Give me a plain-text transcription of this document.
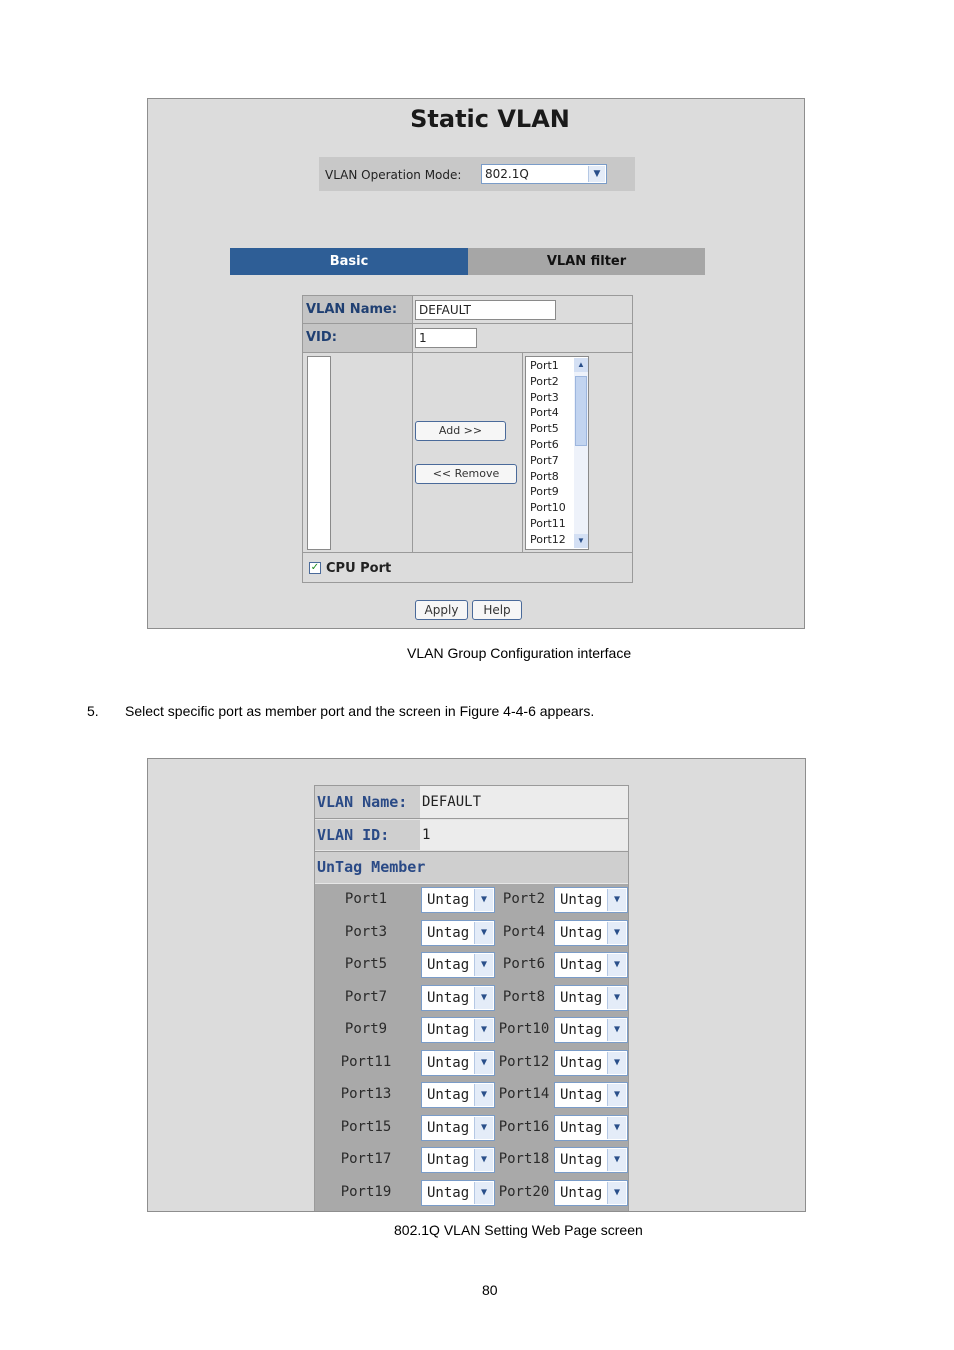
Static VLAN
VLAN Operation Mode: 802.1Q	▼
Basic	VLAN filter
VLAN Name:
DEFAULT
VID:
1
Add >>
<< Remove
Port1
Port2
Port3
Port4
Port5
Port6
Port7
Port8
Port9
Port10
Port11
Port12
▲
▼
✓ CPU Port
Apply	Help
VLAN Group Configuration interface
5. Select specific port as member port and the screen in Figure 4-4-6 appears.
VLAN Name:	DEFAULT
VLAN ID:	1
UnTag Member
Port1	Untag	▼	Port2	Untag	▼
Port3	Untag	▼	Port4	Untag	▼
Port5	Untag	▼	Port6	Untag	▼
Port7	Untag	▼	Port8	Untag	▼
Port9	Untag	▼ Port10 Untag	▼
Port11	Untag	▼ Port12 Untag	▼
Port13	Untag	▼ Port14 Untag	▼
Port15	Untag	▼ Port16 Untag	▼
Port17	Untag	▼ Port18 Untag	▼
Port19	Untag	▼ Port20 Untag	▼
802.1Q VLAN Setting Web Page screen
80
